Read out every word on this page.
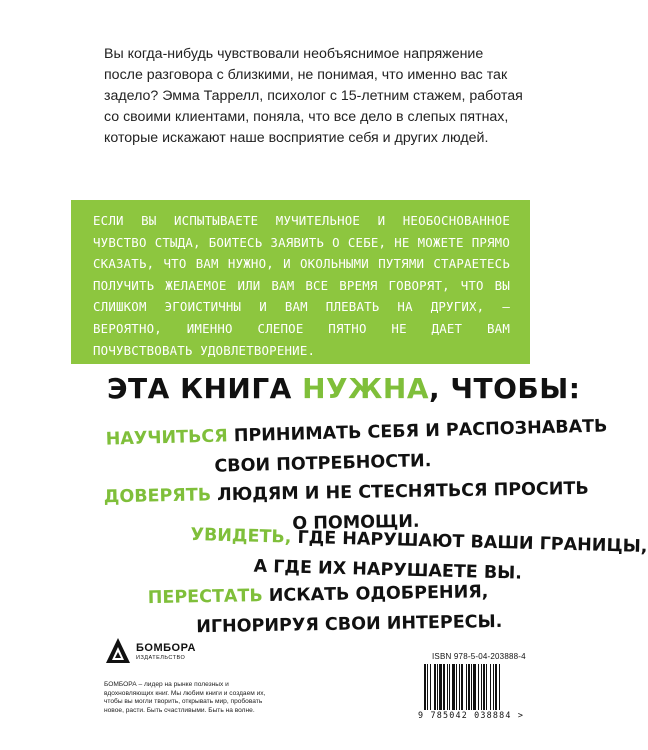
Вы когда-нибудь чувствовали необъяснимое напряжение после разговора с близкими, не понимая, что именно вас так задело? Эмма Таррелл, психолог с 15-летним стажем, работая со своими клиентами, поняла, что все дело в слепых пятнах, которые искажают наше восприятие себя и других людей.

ЕСЛИ ВЫ ИСПЫТЫВАЕТЕ МУЧИТЕЛЬНОЕ И НЕОБОСНОВАННОЕ ЧУВСТВО СТЫДА, БОИТЕСЬ ЗАЯВИТЬ О СЕБЕ, НЕ МОЖЕТЕ ПРЯМО СКАЗАТЬ, ЧТО ВАМ НУЖНО, И ОКОЛЬНЫМИ ПУТЯМИ СТАРАЕТЕСЬ ПОЛУЧИТЬ ЖЕЛАЕМОЕ ИЛИ ВАМ ВСЕ ВРЕМЯ ГОВОРЯТ, ЧТО ВЫ СЛИШКОМ ЭГОИСТИЧНЫ И ВАМ ПЛЕВАТЬ НА ДРУГИХ, – ВЕРОЯТНО, ИМЕННО СЛЕПОЕ ПЯТНО НЕ ДАЕТ ВАМ ПОЧУВСТВОВАТЬ УДОВЛЕТВОРЕНИЕ.

ЭТА КНИГА НУЖНА, ЧТОБЫ:
НАУЧИТЬСЯ ПРИНИМАТЬ СЕБЯ И РАСПОЗНАВАТЬ
СВОИ ПОТРЕБНОСТИ.
ДОВЕРЯТЬ ЛЮДЯМ И НЕ СТЕСНЯТЬСЯ ПРОСИТЬ
О ПОМОЩИ.
УВИДЕТЬ, ГДЕ НАРУШАЮТ ВАШИ ГРАНИЦЫ,
А ГДЕ ИХ НАРУШАЕТЕ ВЫ.
ПЕРЕСТАТЬ ИСКАТЬ ОДОБРЕНИЯ,
ИГНОРИРУЯ СВОИ ИНТЕРЕСЫ.
БОМБОРА
ИЗДАТЕЛЬСТВО
БОМБОРА – лидер на рынке полезных и вдохновляющих книг. Мы любим книги и создаем их, чтобы вы могли творить, открывать мир, пробовать новое, расти. Быть счастливыми. Быть на волне.
ISBN 978-5-04-203888-4
9 785042 038884 >
